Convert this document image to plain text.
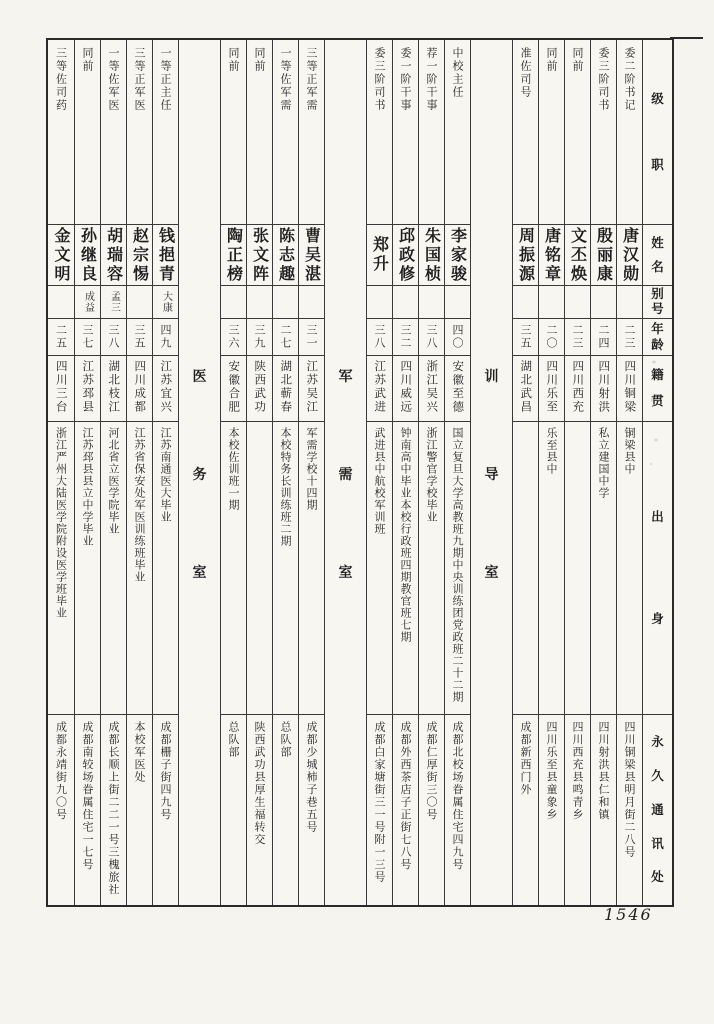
级
职
姓
名
别
号
年
龄
籍
贯
出
身
永
久
通
讯
处
委二阶书记
唐汉勋
二三
四川铜梁
铜梁县中
四川铜梁县明月街二八号
委三阶司书
殷丽康
二四
四川射洪
私立建国中学
四川射洪县仁和镇
同前
文丕焕
二三
四川西充
四川西充县鸣青乡
同前
唐铭章
二〇
四川乐至
乐至县中
四川乐至县童象乡
准佐司号
周振源
三五
湖北武昌
成都新西门外
训
导
室
中校主任
李家骏
四〇
安徽至德
国立复旦大学高教班九期中央训练团党政班二十二期
成都北校场眷属住宅四九号
荐一阶干事
朱国桢
三八
浙江吴兴
浙江警官学校毕业
成都仁厚街三〇号
委一阶干事
邱政修
三二
四川威远
钟南高中毕业本校行政班四期教官班七期
成都外西茶店子正街七八号
委三阶司书
郑升
三八
江苏武进
武进县中航校军训班
成都白家塘街三一号附一三号
军
需
室
三等正军需
曹吴湛
三一
江苏吴江
军需学校十四期
成都少城柿子巷五号
一等佐军需
陈志趣
二七
湖北蕲春
本校特务长训练班二期
总队部
同前
张文阵
三九
陕西武功
陕西武功县厚生福转交
同前
陶正榜
三六
安徽合肥
本校佐训班一期
总队部
医
务
室
一等正主任
钱挹青
大康
四九
江苏宜兴
江苏南通医大毕业
成都栅子街四九号
三等正军医
赵宗惕
三五
四川成都
江苏省保安处军医训练班毕业
本校军医处
一等佐军医
胡瑞容
孟三
三八
湖北枝江
河北省立医学院毕业
成都长顺上街二二一号三槐旅社
同前
孙继良
成益
三七
江苏邳县
江苏邳县县立中学毕业
成都南较场眷属住宅一七号
三等佐司药
金文明
二五
四川三台
浙江严州大陆医学院附设医学班毕业
成都永靖街九〇号
1546
